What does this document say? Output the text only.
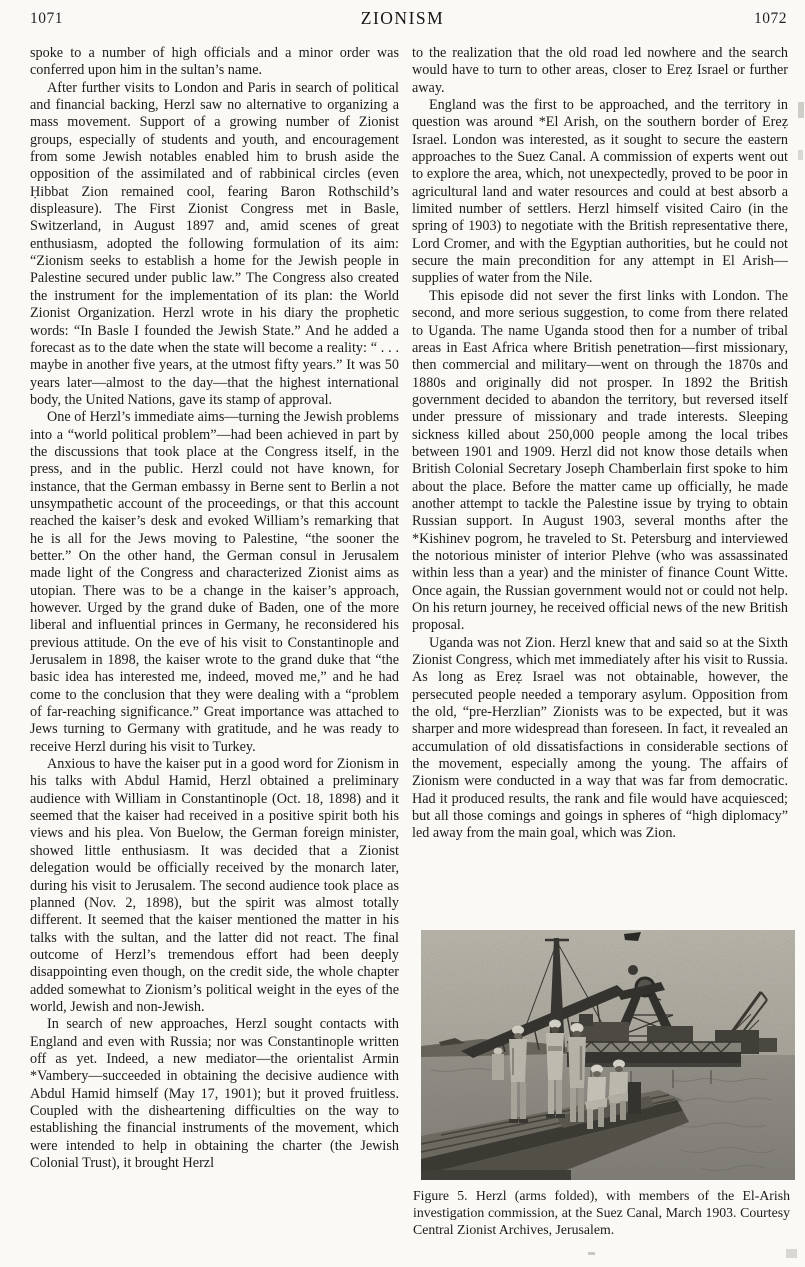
1071	ZIONISM	1072

spoke to a number of high officials and a minor order was conferred upon him in the sultan’s name.

After further visits to London and Paris in search of political and financial backing, Herzl saw no alternative to organizing a mass movement. Support of a growing number of Zionist groups, especially of students and youth, and encouragement from some Jewish notables enabled him to brush aside the opposition of the assimilated and of rabbinical circles (even Ḥibbat Zion remained cool, fearing Baron Rothschild’s displeasure). The First Zionist Congress met in Basle, Switzerland, in August 1897 and, amid scenes of great enthusiasm, adopted the following formulation of its aim: “Zionism seeks to establish a home for the Jewish people in Palestine secured under public law.” The Congress also created the instrument for the implementation of its plan: the World Zionist Organization. Herzl wrote in his diary the prophetic words: “In Basle I founded the Jewish State.” And he added a forecast as to the date when the state will become a reality: “ . . . maybe in another five years, at the utmost fifty years.” It was 50 years later—almost to the day—that the highest international body, the United Nations, gave its stamp of approval.

One of Herzl’s immediate aims—turning the Jewish problems into a “world political problem”—had been achieved in part by the discussions that took place at the Congress itself, in the press, and in the public. Herzl could not have known, for instance, that the German embassy in Berne sent to Berlin a not unsympathetic account of the proceedings, or that this account reached the kaiser’s desk and evoked William’s remarking that he is all for the Jews moving to Palestine, “the sooner the better.” On the other hand, the German consul in Jerusalem made light of the Congress and characterized Zionist aims as utopian. There was to be a change in the kaiser’s approach, however. Urged by the grand duke of Baden, one of the more liberal and influential princes in Germany, he reconsidered his previous attitude. On the eve of his visit to Constantinople and Jerusalem in 1898, the kaiser wrote to the grand duke that “the basic idea has interested me, indeed, moved me,” and he had come to the conclusion that they were dealing with a “problem of far-reaching significance.” Great importance was attached to Jews turning to Germany with gratitude, and he was ready to receive Herzl during his visit to Turkey.

Anxious to have the kaiser put in a good word for Zionism in his talks with Abdul Hamid, Herzl obtained a preliminary audience with William in Constantinople (Oct. 18, 1898) and it seemed that the kaiser had received in a positive spirit both his views and his plea. Von Buelow, the German foreign minister, showed little enthusiasm. It was decided that a Zionist delegation would be officially received by the monarch later, during his visit to Jerusalem. The second audience took place as planned (Nov. 2, 1898), but the spirit was almost totally different. It seemed that the kaiser mentioned the matter in his talks with the sultan, and the latter did not react. The final outcome of Herzl’s tremendous effort had been deeply disappointing even though, on the credit side, the whole chapter added somewhat to Zionism’s political weight in the eyes of the world, Jewish and non-Jewish.

In search of new approaches, Herzl sought contacts with England and even with Russia; nor was Constantinople written off as yet. Indeed, a new mediator—the orientalist Armin *Vambery—succeeded in obtaining the decisive audience with Abdul Hamid himself (May 17, 1901); but it proved fruitless. Coupled with the disheartening difficulties on the way to establishing the financial instruments of the movement, which were intended to help in obtaining the charter (the Jewish Colonial Trust), it brought Herzl

to the realization that the old road led nowhere and the search would have to turn to other areas, closer to Ereẓ Israel or further away.

England was the first to be approached, and the territory in question was around *El Arish, on the southern border of Ereẓ Israel. London was interested, as it sought to secure the eastern approaches to the Suez Canal. A commission of experts went out to explore the area, which, not unexpectedly, proved to be poor in agricultural land and water resources and could at best absorb a limited number of settlers. Herzl himself visited Cairo (in the spring of 1903) to negotiate with the British representative there, Lord Cromer, and with the Egyptian authorities, but he could not secure the main precondition for any attempt in El Arish—supplies of water from the Nile.

This episode did not sever the first links with London. The second, and more serious suggestion, to come from there related to Uganda. The name Uganda stood then for a number of tribal areas in East Africa where British penetration—first missionary, then commercial and military—went on through the 1870s and 1880s and originally did not prosper. In 1892 the British government decided to abandon the territory, but reversed itself under pressure of missionary and trade interests. Sleeping sickness killed about 250,000 people among the local tribes between 1901 and 1909. Herzl did not know those details when British Colonial Secretary Joseph Chamberlain first spoke to him about the place. Before the matter came up officially, he made another attempt to tackle the Palestine issue by trying to obtain Russian support. In August 1903, several months after the *Kishinev pogrom, he traveled to St. Petersburg and interviewed the notorious minister of interior Plehve (who was assassinated within less than a year) and the minister of finance Count Witte. Once again, the Russian government would not or could not help. On his return journey, he received official news of the new British proposal.

Uganda was not Zion. Herzl knew that and said so at the Sixth Zionist Congress, which met immediately after his visit to Russia. As long as Ereẓ Israel was not obtainable, however, the persecuted people needed a temporary asylum. Opposition from the old, “pre-Herzlian” Zionists was to be expected, but it was sharper and more widespread than foreseen. In fact, it revealed an accumulation of old dissatisfactions in considerable sections of the movement, especially among the young. The affairs of Zionism were conducted in a way that was far from democratic. Had it produced results, the rank and file would have acquiesced; but all those comings and goings in spheres of “high diplomacy” led away from the main goal, which was Zion.

Figure 5. Herzl (arms folded), with members of the El-Arish investigation commission, at the Suez Canal, March 1903. Courtesy Central Zionist Archives, Jerusalem.
